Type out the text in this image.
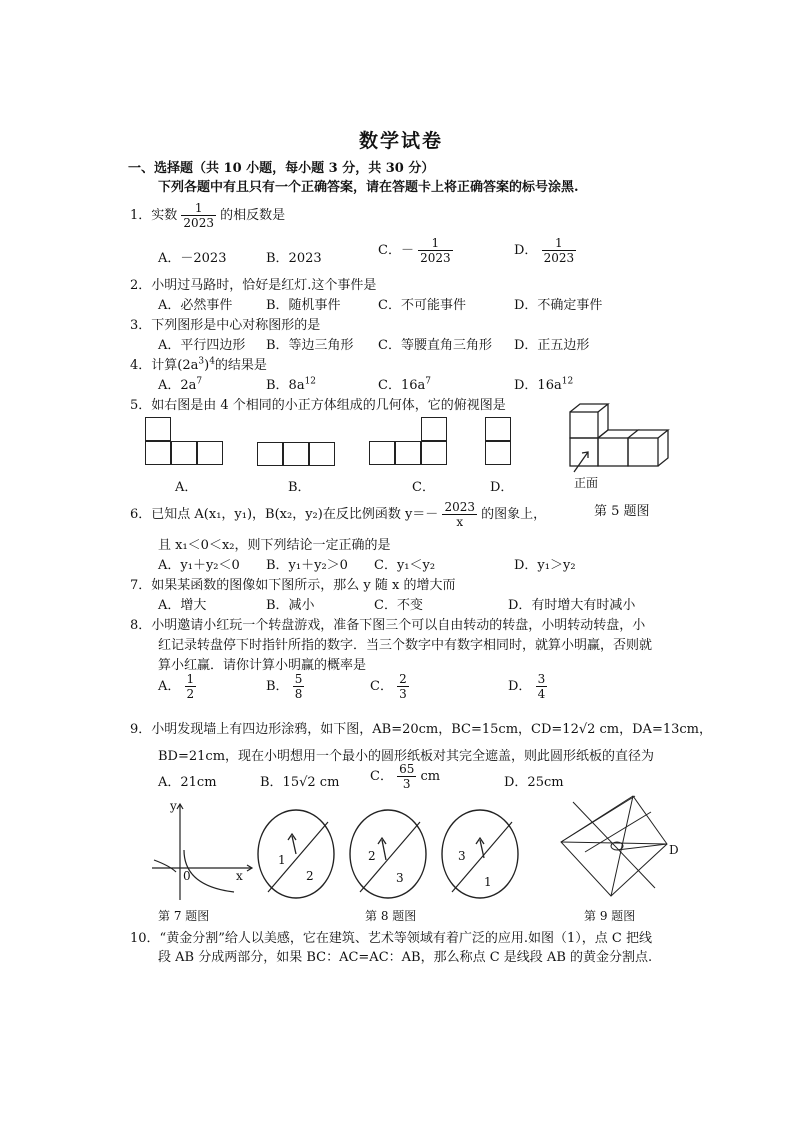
数学试卷
一、选择题（共 10 小题，每小题 3 分，共 30 分）
下列各题中有且只有一个正确答案，请在答题卡上将正确答案的标号涂黑.
1．实数 $\frac{1}{2023}$ 的相反数是
A．－2023	B．2023
C．－ $\frac{1}{2023}$	D． $\frac{1}{2023}$
2．小明过马路时，恰好是红灯.这个事件是
A．必然事件	B．随机事件	C．不可能事件	D．不确定事件
3．下列图形是中心对称图形的是
A．平行四边形 B．等边三角形 C．等腰直角三角形 D．正五边形
4．计算$(2a^3)^4$的结果是
A．$2a^7$	B．$8a^{12}$	C．$16a^7$	D．$16a^{12}$
5．如右图是由 4 个相同的小正方体组成的几何体，它的俯视图是
A．	B．	C．	D．	正面
第 5 题图
6．已知点 A(x₁，y₁)，B(x₂，y₂)在反比例函数 $y=- \frac{2023}{x}$ 的图象上，
且 x₁＜0＜x₂，则下列结论一定正确的是
A．y₁＋y₂＜0 B．y₁＋y₂＞0 C．y₁＜y₂	D．y₁＞y₂
7．如果某函数的图像如下图所示，那么 y 随 x 的增大而
A．增大	B．减小	C．不变	D．有时增大有时减小
8．小明邀请小红玩一个转盘游戏，准备下图三个可以自由转动的转盘，小明转动转盘，小
红记录转盘停下时指针所指的数字．当三个数字中有数字相同时，就算小明赢，否则就
算小红赢．请你计算小明赢的概率是
A． $\frac{1}{2}$	B． $\frac{5}{8}$	C． $\frac{2}{3}$	D． $\frac{3}{4}$
9．小明发现墙上有四边形涂鸦，如下图，AB=20cm，BC=15cm，CD=12√2 cm，DA=13cm，
BD=21cm，现在小明想用一个最小的圆形纸板对其完全遮盖，则此圆形纸板的直径为
A．21cm	B．15√2 cm C． $\frac{65}{3}$ cm	D．25cm
y
x
0
第 7 题图
1
2
2
3
3
1
第 8 题图
D
第 9 题图
10．“黄金分割”给人以美感，它在建筑、艺术等领域有着广泛的应用.如图（1），点 C 把线
段 AB 分成两部分，如果 BC：AC=AC：AB，那么称点 C 是线段 AB 的黄金分割点.
